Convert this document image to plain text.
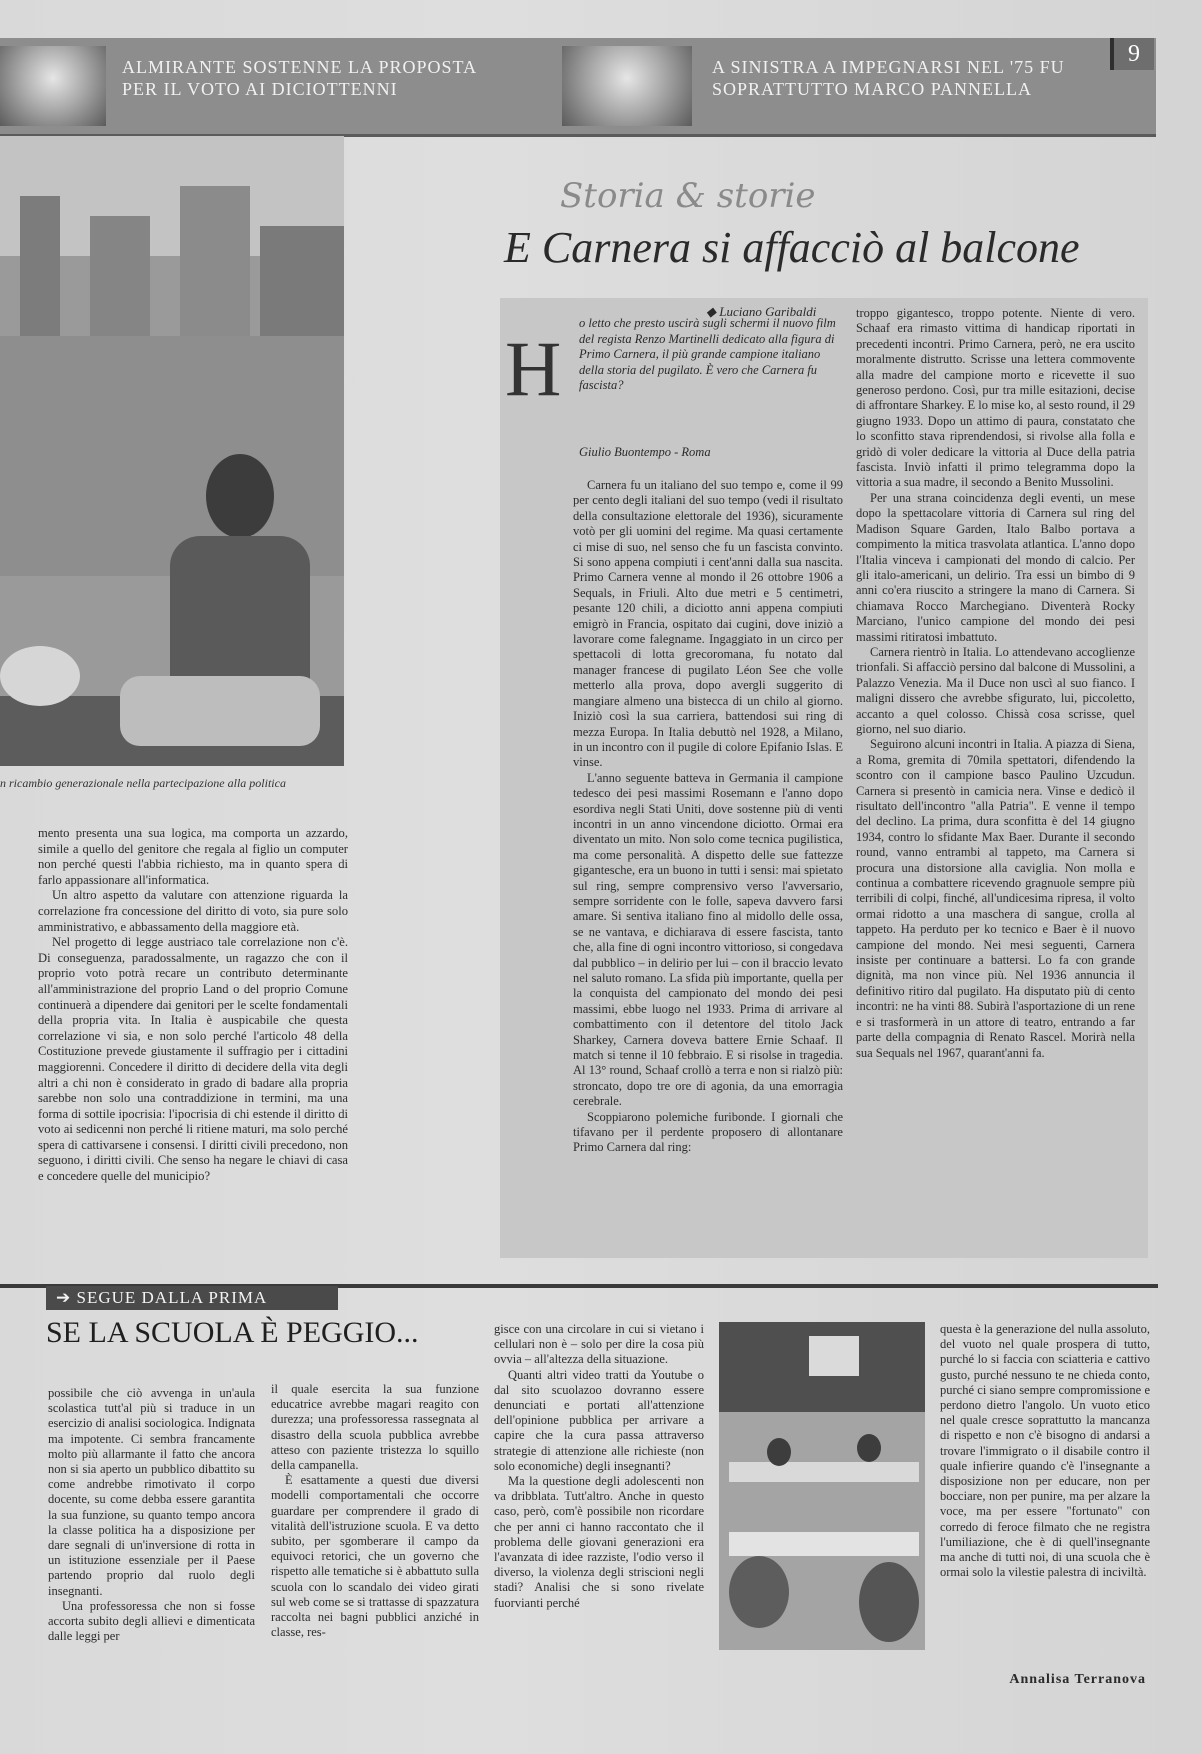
ALMIRANTE SOSTENNE LA PROPOSTA PER IL VOTO AI DICIOTTENNI
A SINISTRA A IMPEGNARSI NEL '75 FU SOPRATTUTTO MARCO PANNELLA
9
n ricambio generazionale nella partecipazione alla politica

mento presenta una sua logica, ma comporta un azzardo, simile a quello del genitore che regala al figlio un computer non perché questi l'abbia richiesto, ma in quanto spera di farlo appassionare all'informatica.

Un altro aspetto da valutare con attenzione riguarda la correlazione fra concessione del diritto di voto, sia pure solo amministrativo, e abbassamento della maggiore età.

Nel progetto di legge austriaco tale correlazione non c'è. Di conseguenza, paradossalmente, un ragazzo che con il proprio voto potrà recare un contributo determinante all'amministrazione del proprio Land o del proprio Comune continuerà a dipendere dai genitori per le scelte fondamentali della propria vita. In Italia è auspicabile che questa correlazione vi sia, e non solo perché l'articolo 48 della Costituzione prevede giustamente il suffragio per i cittadini maggiorenni. Concedere il diritto di decidere della vita degli altri a chi non è considerato in grado di badare alla propria sarebbe non solo una contraddizione in termini, ma una forma di sottile ipocrisia: l'ipocrisia di chi estende il diritto di voto ai sedicenni non perché li ritiene maturi, ma solo perché spera di cattivarsene i consensi. I diritti civili precedono, non seguono, i diritti civili. Che senso ha negare le chiavi di casa e concedere quelle del municipio?

Storia & storie
E Carnera si affacciò al balcone
◆ Luciano Garibaldi
H
o letto che presto uscirà sugli schermi il nuovo film del regista Renzo Martinelli dedicato alla figura di Primo Carnera, il più grande campione italiano della storia del pugilato. È vero che Carnera fu fascista?
Giulio Buontempo - Roma

Carnera fu un italiano del suo tempo e, come il 99 per cento degli italiani del suo tempo (vedi il risultato della consultazione elettorale del 1936), sicuramente votò per gli uomini del regime. Ma quasi certamente ci mise di suo, nel senso che fu un fascista convinto. Si sono appena compiuti i cent'anni dalla sua nascita. Primo Carnera venne al mondo il 26 ottobre 1906 a Sequals, in Friuli. Alto due metri e 5 centimetri, pesante 120 chili, a diciotto anni appena compiuti emigrò in Francia, ospitato dai cugini, dove iniziò a lavorare come falegname. Ingaggiato in un circo per spettacoli di lotta grecoromana, fu notato dal manager francese di pugilato Léon See che volle metterlo alla prova, dopo avergli suggerito di mangiare almeno una bistecca di un chilo al giorno. Iniziò così la sua carriera, battendosi sui ring di mezza Europa. In Italia debuttò nel 1928, a Milano, in un incontro con il pugile di colore Epifanio Islas. E vinse.

L'anno seguente batteva in Germania il campione tedesco dei pesi massimi Rosemann e l'anno dopo esordiva negli Stati Uniti, dove sostenne più di venti incontri in un anno vincendone diciotto. Ormai era diventato un mito. Non solo come tecnica pugilistica, ma come personalità. A dispetto delle sue fattezze gigantesche, era un buono in tutti i sensi: mai spietato sul ring, sempre comprensivo verso l'avversario, sempre sorridente con le folle, sapeva davvero farsi amare. Si sentiva italiano fino al midollo delle ossa, se ne vantava, e dichiarava di essere fascista, tanto che, alla fine di ogni incontro vittorioso, si congedava dal pubblico – in delirio per lui – con il braccio levato nel saluto romano. La sfida più importante, quella per la conquista del campionato del mondo dei pesi massimi, ebbe luogo nel 1933. Prima di arrivare al combattimento con il detentore del titolo Jack Sharkey, Carnera doveva battere Ernie Schaaf. Il match si tenne il 10 febbraio. E si risolse in tragedia. Al 13° round, Schaaf crollò a terra e non si rialzò più: stroncato, dopo tre ore di agonia, da una emorragia cerebrale.

Scoppiarono polemiche furibonde. I giornali che tifavano per il perdente proposero di allontanare Primo Carnera dal ring:

troppo gigantesco, troppo potente. Niente di vero. Schaaf era rimasto vittima di handicap riportati in precedenti incontri. Primo Carnera, però, ne era uscito moralmente distrutto. Scrisse una lettera commovente alla madre del campione morto e ricevette il suo generoso perdono. Così, pur tra mille esitazioni, decise di affrontare Sharkey. E lo mise ko, al sesto round, il 29 giugno 1933. Dopo un attimo di paura, constatato che lo sconfitto stava riprendendosi, si rivolse alla folla e gridò di voler dedicare la vittoria al Duce della patria fascista. Inviò infatti il primo telegramma dopo la vittoria a sua madre, il secondo a Benito Mussolini.

Per una strana coincidenza degli eventi, un mese dopo la spettacolare vittoria di Carnera sul ring del Madison Square Garden, Italo Balbo portava a compimento la mitica trasvolata atlantica. L'anno dopo l'Italia vinceva i campionati del mondo di calcio. Per gli italo-americani, un delirio. Tra essi un bimbo di 9 anni co'era riuscito a stringere la mano di Carnera. Si chiamava Rocco Marchegiano. Diventerà Rocky Marciano, l'unico campione del mondo dei pesi massimi ritiratosi imbattuto.

Carnera rientrò in Italia. Lo attendevano accoglienze trionfali. Si affacciò persino dal balcone di Mussolini, a Palazzo Venezia. Ma il Duce non uscì al suo fianco. I maligni dissero che avrebbe sfigurato, lui, piccoletto, accanto a quel colosso. Chissà cosa scrisse, quel giorno, nel suo diario.

Seguirono alcuni incontri in Italia. A piazza di Siena, a Roma, gremita di 70mila spettatori, difendendo la scontro con il campione basco Paulino Uzcudun. Carnera si presentò in camicia nera. Vinse e dedicò il risultato dell'incontro "alla Patria". E venne il tempo del declino. La prima, dura sconfitta è del 14 giugno 1934, contro lo sfidante Max Baer. Durante il secondo round, vanno entrambi al tappeto, ma Carnera si procura una distorsione alla caviglia. Non molla e continua a combattere ricevendo gragnuole sempre più terribili di colpi, finché, all'undicesima ripresa, il volto ormai ridotto a una maschera di sangue, crolla al tappeto. Ha perduto per ko tecnico e Baer è il nuovo campione del mondo. Nei mesi seguenti, Carnera insiste per continuare a battersi. Lo fa con grande dignità, ma non vince più. Nel 1936 annuncia il definitivo ritiro dal pugilato. Ha disputato più di cento incontri: ne ha vinti 88. Subirà l'asportazione di un rene e si trasformerà in un attore di teatro, entrando a far parte della compagnia di Renato Rascel. Morirà nella sua Sequals nel 1967, quarant'anni fa.

➔ SEGUE DALLA PRIMA
SE LA SCUOLA È PEGGIO...

possibile che ciò avvenga in un'aula scolastica tutt'al più si traduce in un esercizio di analisi sociologica. Indignata ma impotente. Ci sembra francamente molto più allarmante il fatto che ancora non si sia aperto un pubblico dibattito su come andrebbe rimotivato il corpo docente, su come debba essere garantita la sua funzione, su quanto tempo ancora la classe politica ha a disposizione per dare segnali di un'inversione di rotta in un istituzione essenziale per il Paese partendo proprio dal ruolo degli insegnanti.

Una professoressa che non si fosse accorta subito degli allievi e dimenticata dalle leggi per

il quale esercita la sua funzione educatrice avrebbe magari reagito con durezza; una professoressa rassegnata al disastro della scuola pubblica avrebbe atteso con paziente tristezza lo squillo della campanella.

È esattamente a questi due diversi modelli comportamentali che occorre guardare per comprendere il grado di vitalità dell'istruzione scuola. E va detto subito, per sgomberare il campo da equivoci retorici, che un governo che rispetto alle tematiche si è abbattuto sulla scuola con lo scandalo dei video girati sul web come se si trattasse di spazzatura raccolta nei bagni pubblici anziché in classe, res-

gisce con una circolare in cui si vietano i cellulari non è – solo per dire la cosa più ovvia – all'altezza della situazione.

Quanti altri video tratti da Youtube o dal sito scuolazoo dovranno essere denunciati e portati all'attenzione dell'opinione pubblica per arrivare a capire che la cura passa attraverso strategie di attenzione alle richieste (non solo economiche) degli insegnanti?

Ma la questione degli adolescenti non va dribblata. Tutt'altro. Anche in questo caso, però, com'è possibile non ricordare che per anni ci hanno raccontato che il problema delle giovani generazioni era l'avanzata di idee razziste, l'odio verso il diverso, la violenza degli striscioni negli stadi? Analisi che si sono rivelate fuorvianti perché

questa è la generazione del nulla assoluto, del vuoto nel quale prospera di tutto, purché lo si faccia con sciatteria e cattivo gusto, purché nessuno te ne chieda conto, purché ci siano sempre compromissione e perdono dietro l'angolo. Un vuoto etico nel quale cresce soprattutto la mancanza di rispetto e non c'è bisogno di andarsi a trovare l'immigrato o il disabile contro il quale infierire quando c'è l'insegnante a disposizione non per educare, non per bocciare, non per punire, ma per alzare la voce, ma per essere "fortunato" con corredo di feroce filmato che ne registra l'umiliazione, che è di quell'insegnante ma anche di tutti noi, di una scuola che è ormai solo la vilestie palestra di inciviltà.

Annalisa Terranova
